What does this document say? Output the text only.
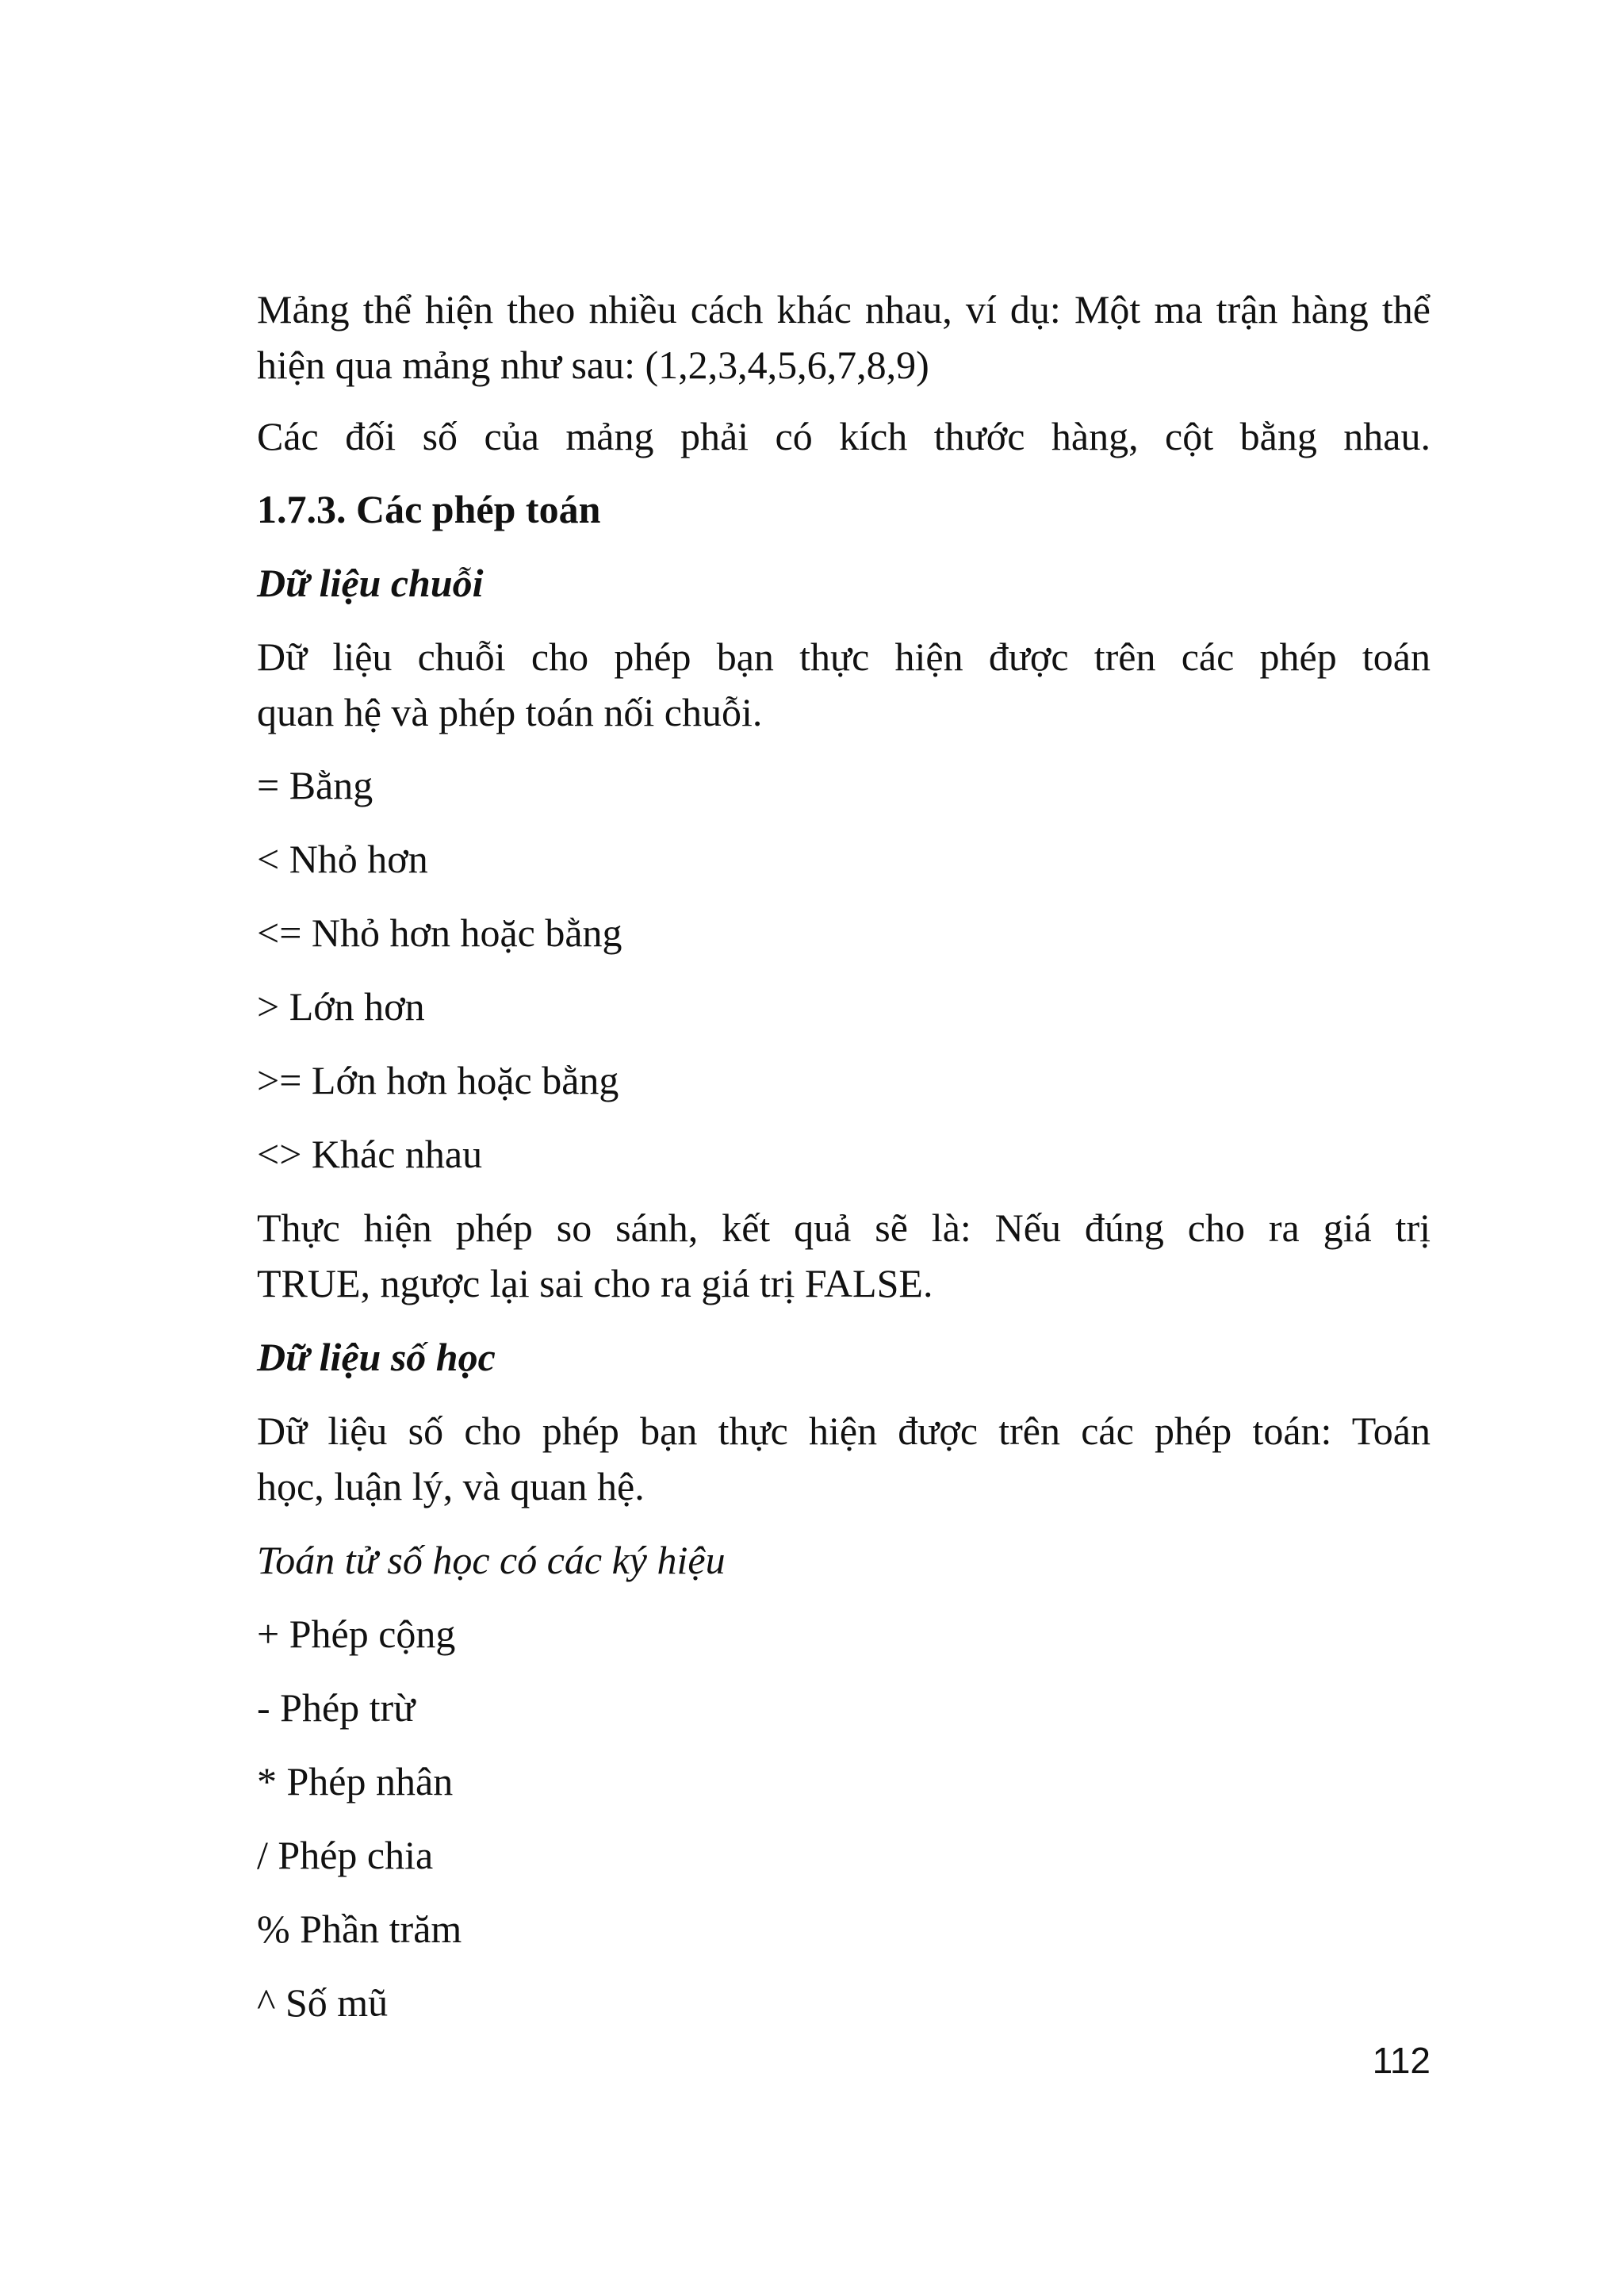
Mảng thể hiện theo nhiều cách khác nhau, ví dụ: Một ma trận hàng thể
hiện qua mảng như sau: (1,2,3,4,5,6,7,8,9)
Các đối số của mảng phải có kích thước hàng, cột bằng nhau.
1.7.3. Các phép toán
Dữ liệu chuỗi
Dữ liệu chuỗi cho phép bạn thực hiện được trên các phép toán
quan hệ và phép toán nối chuỗi.
= Bằng
< Nhỏ hơn
<= Nhỏ hơn hoặc bằng
> Lớn hơn
>= Lớn hơn hoặc bằng
<> Khác nhau
Thực hiện phép so sánh, kết quả sẽ là: Nếu đúng cho ra giá trị
TRUE, ngược lại sai cho ra giá trị FALSE.
Dữ liệu số học
Dữ liệu số cho phép bạn thực hiện được trên các phép toán: Toán
học, luận lý, và quan hệ.
Toán tử số học có các ký hiệu
+ Phép cộng
- Phép trừ
* Phép nhân
/ Phép chia
% Phần trăm
^ Số mũ
112
